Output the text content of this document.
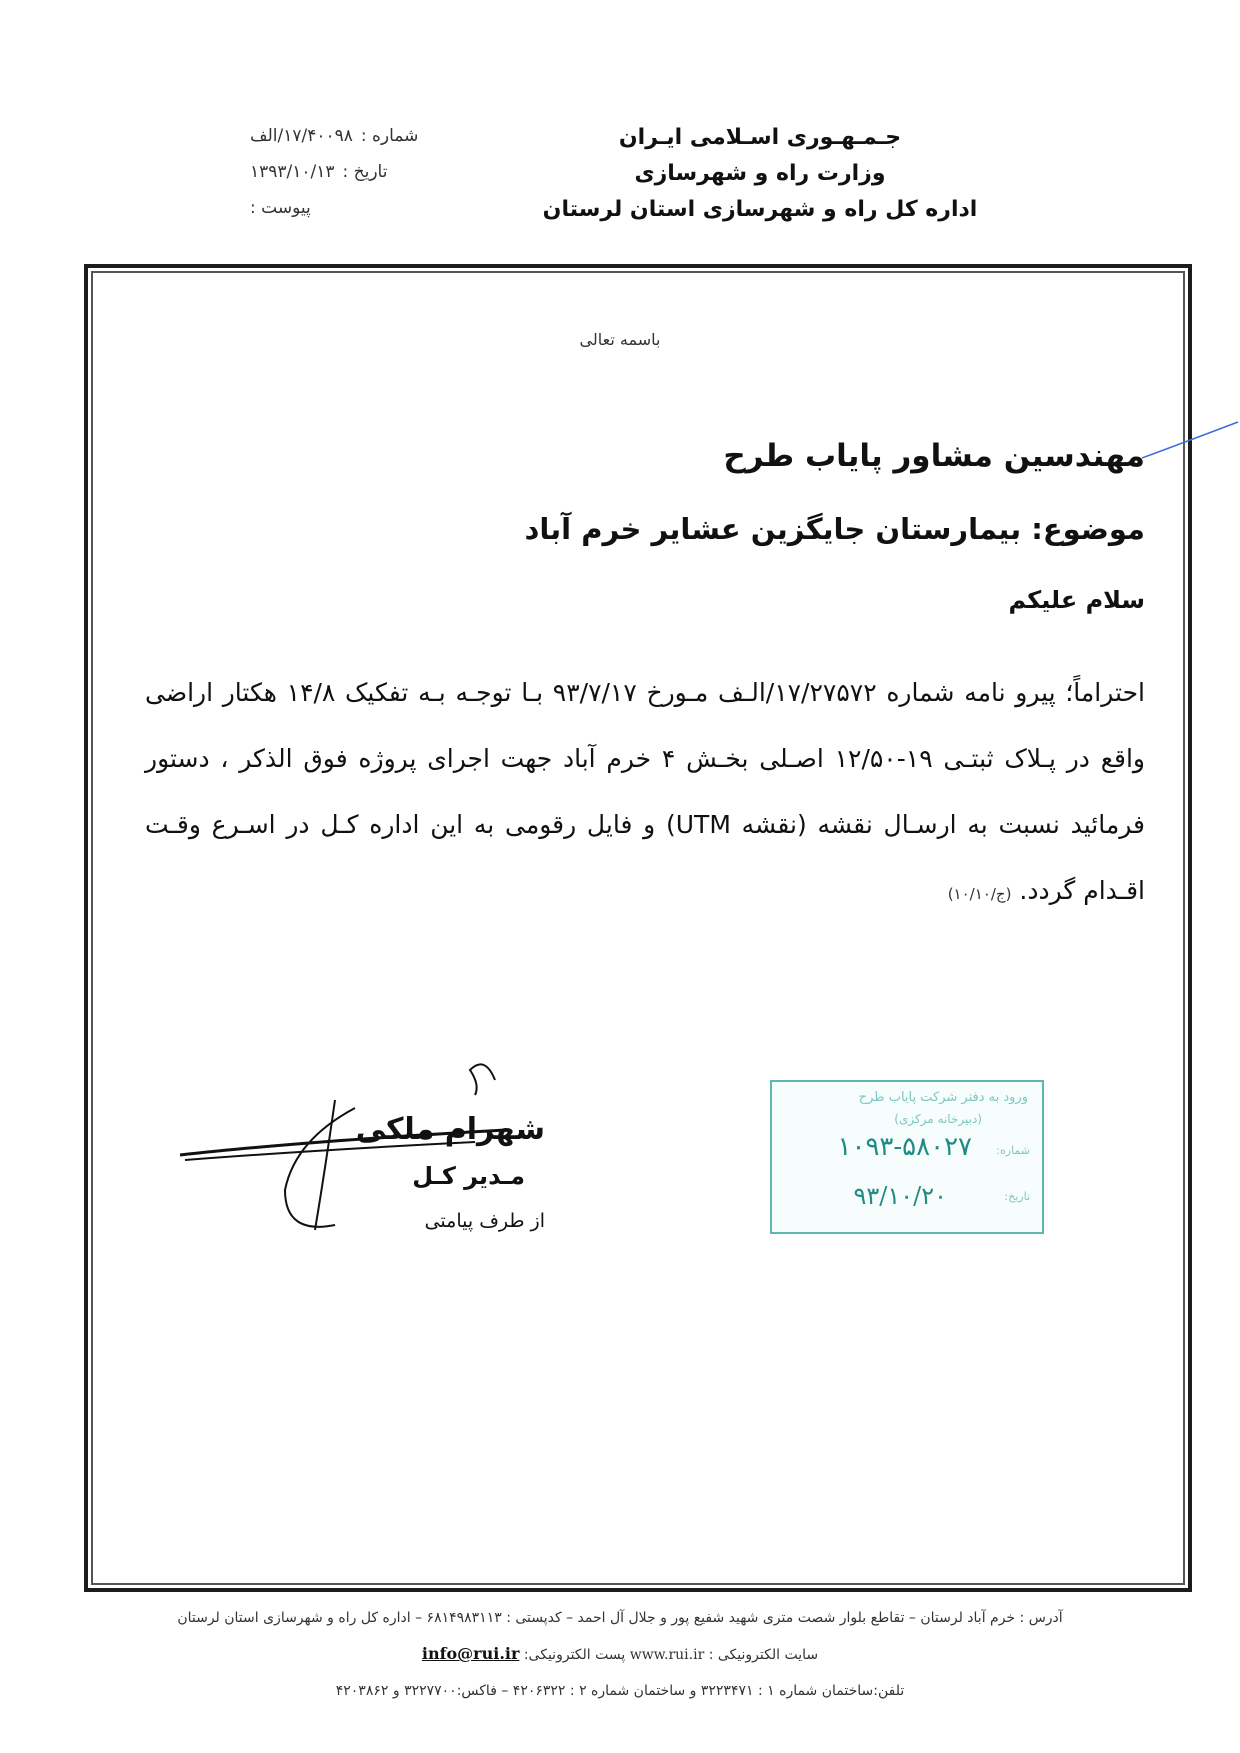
جـمـهـوری اسـلامی ایـران
وزارت راه و شهرسازی
اداره کل راه و شهرسازی استان لرستان
شماره :
۱۷/۴۰۰۹۸/الف
تاریخ :
۱۳۹۳/۱۰/۱۳
پیوست :
باسمه تعالی
مهندسین مشاور پایاب طرح
موضوع: بیمارستان جایگزین عشایر خرم آباد
سلام علیکم
احتراماً؛ پیرو نامه شماره ۱۷/۲۷۵۷۲/الـف مـورخ ۹۳/۷/۱۷ بـا توجـه بـه تفکیک ۱۴/۸ هکتار اراضی واقع در پـلاک ثبتـی ۱۹-۱۲/۵۰ اصـلی بخـش ۴ خرم آباد جهت اجرای پروژه فوق الذکر ، دستور فرمائید نسبت به ارسـال نقشه (نقشه UTM) و فایل رقومی به این اداره کـل در اسـرع وقـت اقـدام گردد. (ج/۱۰/۱۰)
شهرام ملکی
مـدیر کـل
از طرف پیامتی
ورود به دفتر شرکت پایاب طرح
(دبیرخانه مرکزی)
شماره:
۱۰۹۳-۵۸۰۲۷
تاریخ:
۹۳/۱۰/۲۰
آدرس : خرم آباد لرستان – تقاطع بلوار شصت متری شهید شفیع پور و جلال آل احمد – کدپستی : ۶۸۱۴۹۸۳۱۱۳ – اداره کل راه و شهرسازی استان لرستان
سایت الکترونیکی : www.rui.ir پست الکترونیکی: info@rui.ir
تلفن:ساختمان شماره ۱ : ۳۲۲۳۴۷۱ و ساختمان شماره ۲ : ۴۲۰۶۳۲۲ – فاکس:۳۲۲۷۷۰۰ و ۴۲۰۳۸۶۲
